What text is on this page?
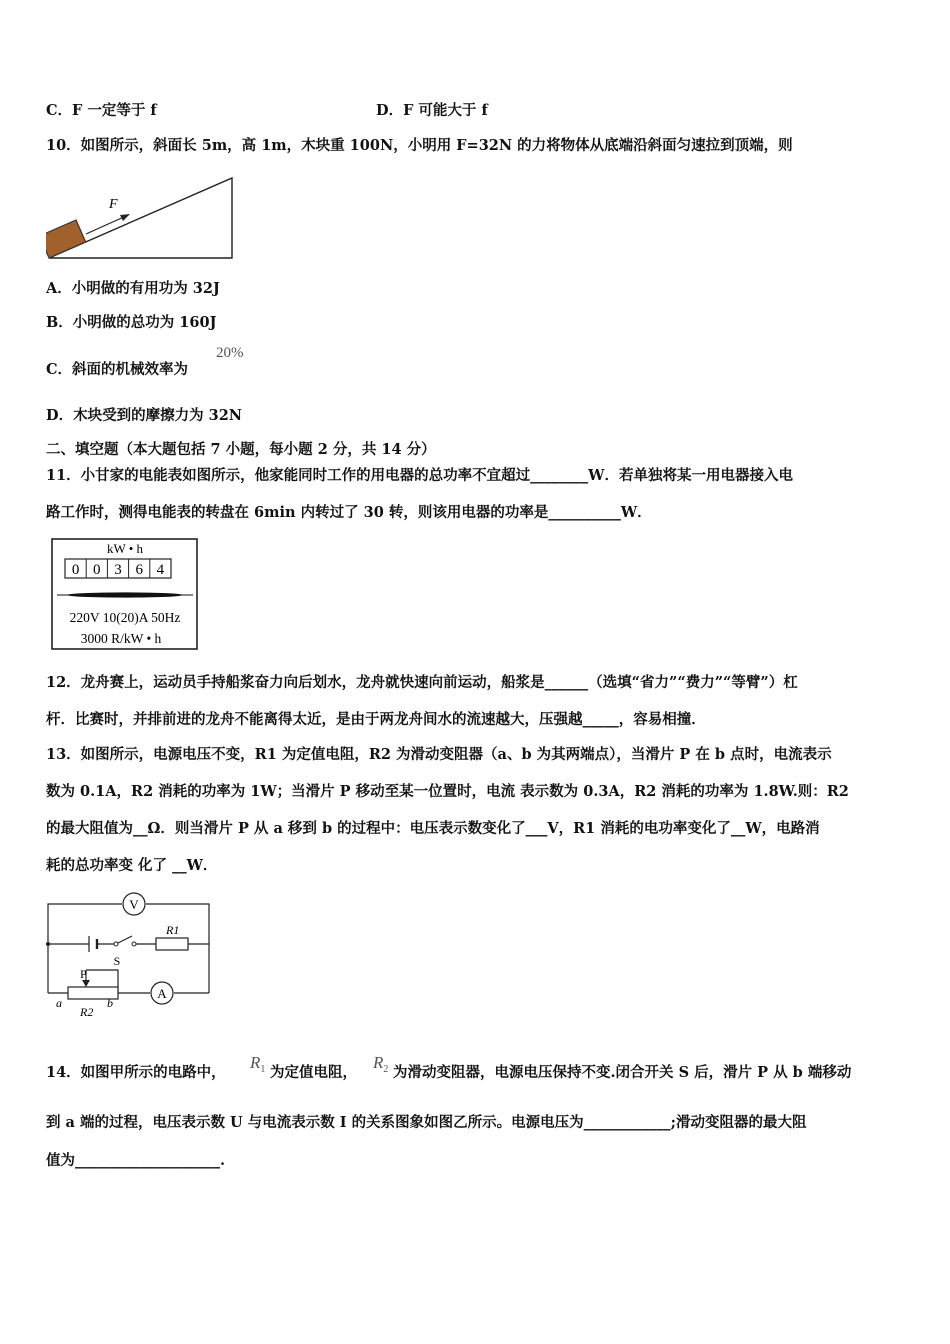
C．F 一定等于 f	D．F 可能大于 f
10．如图所示，斜面长 5m，高 1m，木块重 100N，小明用 F=32N 的力将物体从底端沿斜面匀速拉到顶端，则
F
A．小明做的有用功为 32J
B．小明做的总功为 160J
C．斜面的机械效率为
20%
D．木块受到的摩擦力为 32N
二、填空题（本大题包括 7 小题，每小题 2 分，共 14 分）
11．小甘家的电能表如图所示，他家能同时工作的用电器的总功率不宜超过________W．若单独将某一用电器接入电
路工作时，测得电能表的转盘在 6min 内转过了 30 转，则该用电器的功率是__________W．
kW • h
0 0 3 6 4
220V 10(20)A 50Hz
3000 R/kW • h
12．龙舟赛上，运动员手持船浆奋力向后划水，龙舟就快速向前运动，船浆是______（选填“省力”“费力”“等臂”）杠
杆．比赛时，并排前进的龙舟不能离得太近，是由于两龙舟间水的流速越大，压强越_____，容易相撞．
13．如图所示，电源电压不变，R1 为定值电阻，R2 为滑动变阻器（a、b 为其两端点），当滑片 P 在 b 点时，电流表示
数为 0.1A，R2 消耗的功率为 1W；当滑片 P 移动至某一位置时，电流 表示数为 0.3A，R2 消耗的功率为 1.8W.则：R2
的最大阻值为__Ω．则当滑片 P 从 a 移到 b 的过程中：电压表示数变化了___V，R1 消耗的电功率变化了__W，电路消
耗的总功率变 化了 __W．
V
S
R1
A
P
a	b
R2
14．如图甲所示的电路中，
$R_1$ 为定值电阻，
$R_2$ 为滑动变阻器，电源电压保持不变.闭合开关 S 后，滑片 P 从 b 端移动
到 a 端的过程，电压表示数 U 与电流表示数 I 的关系图象如图乙所示。电源电压为____________;滑动变阻器的最大阻
值为____________________.
